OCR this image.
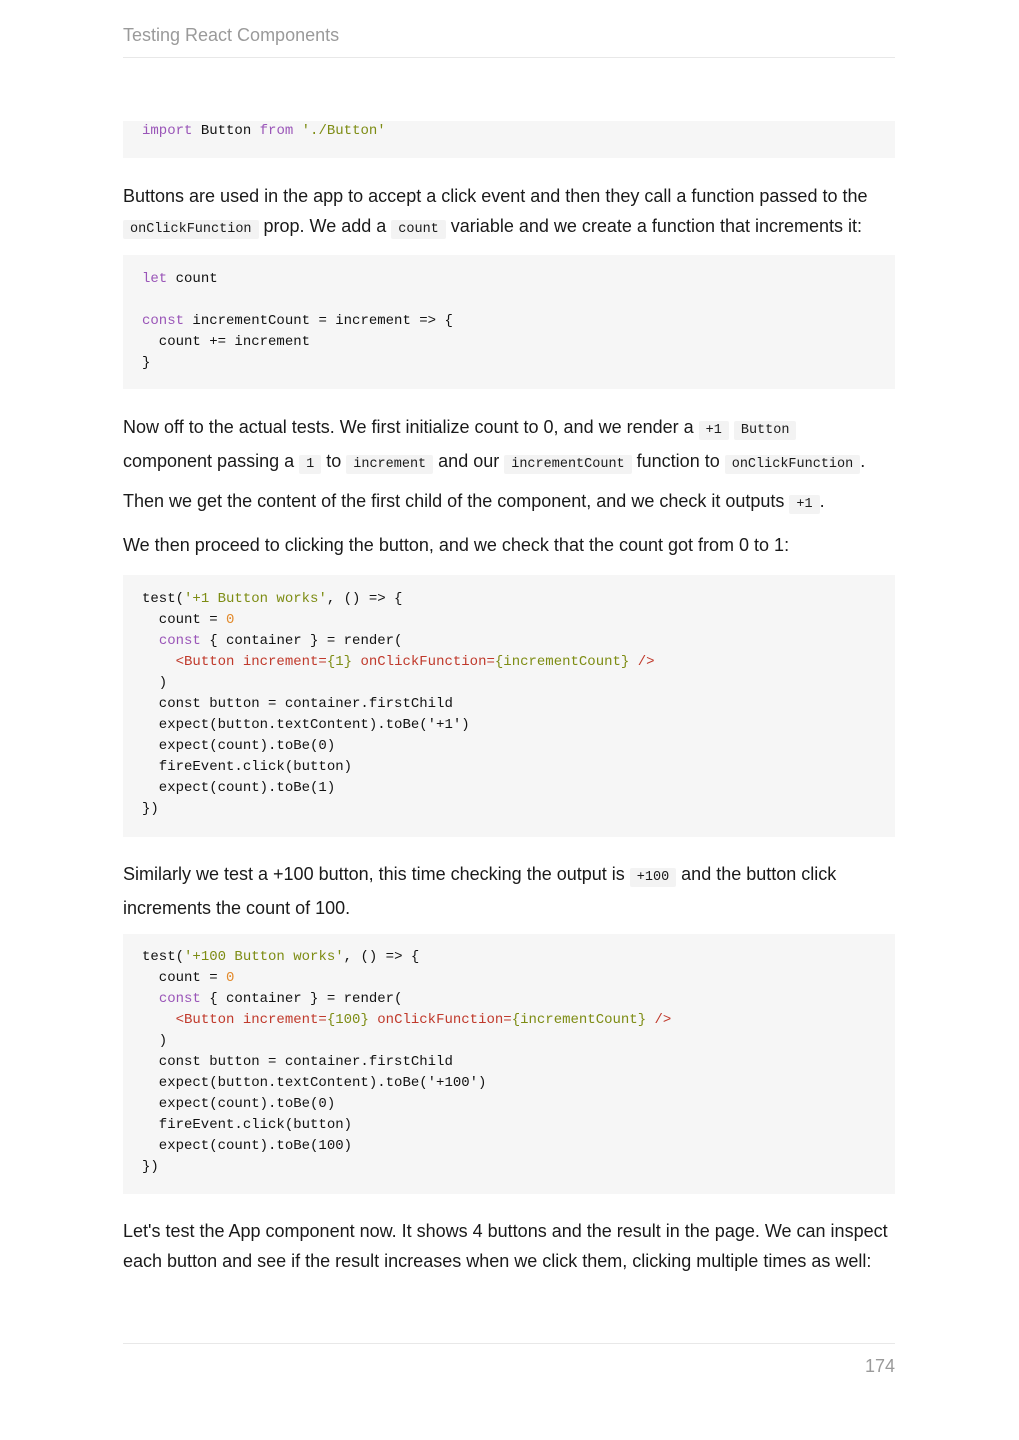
Testing React Components
import Button from './Button'
Buttons are used in the app to accept a click event and then they call a function passed to the
onClickFunction prop. We add a count variable and we create a function that increments it:
let count

const incrementCount = increment => {
count += increment
}
Now off to the actual tests. We first initialize count to 0, and we render a +1 Button
component passing a 1 to increment and our incrementCount function to onClickFunction .
Then we get the content of the first child of the component, and we check it outputs +1 .
We then proceed to clicking the button, and we check that the count got from 0 to 1:
test('+1 Button works', () => {
count = 0
const { container } = render(
<Button increment={1} onClickFunction={incrementCount} />
)
const button = container.firstChild
expect(button.textContent).toBe('+1')
expect(count).toBe(0)
fireEvent.click(button)
expect(count).toBe(1)
})
Similarly we test a +100 button, this time checking the output is +100 and the button click increments the count of 100.
test('+100 Button works', () => {
count = 0
const { container } = render(
<Button increment={100} onClickFunction={incrementCount} />
)
const button = container.firstChild
expect(button.textContent).toBe('+100')
expect(count).toBe(0)
fireEvent.click(button)
expect(count).toBe(100)
})
Let's test the App component now. It shows 4 buttons and the result in the page. We can inspect each button and see if the result increases when we click them, clicking multiple times as well:
174
